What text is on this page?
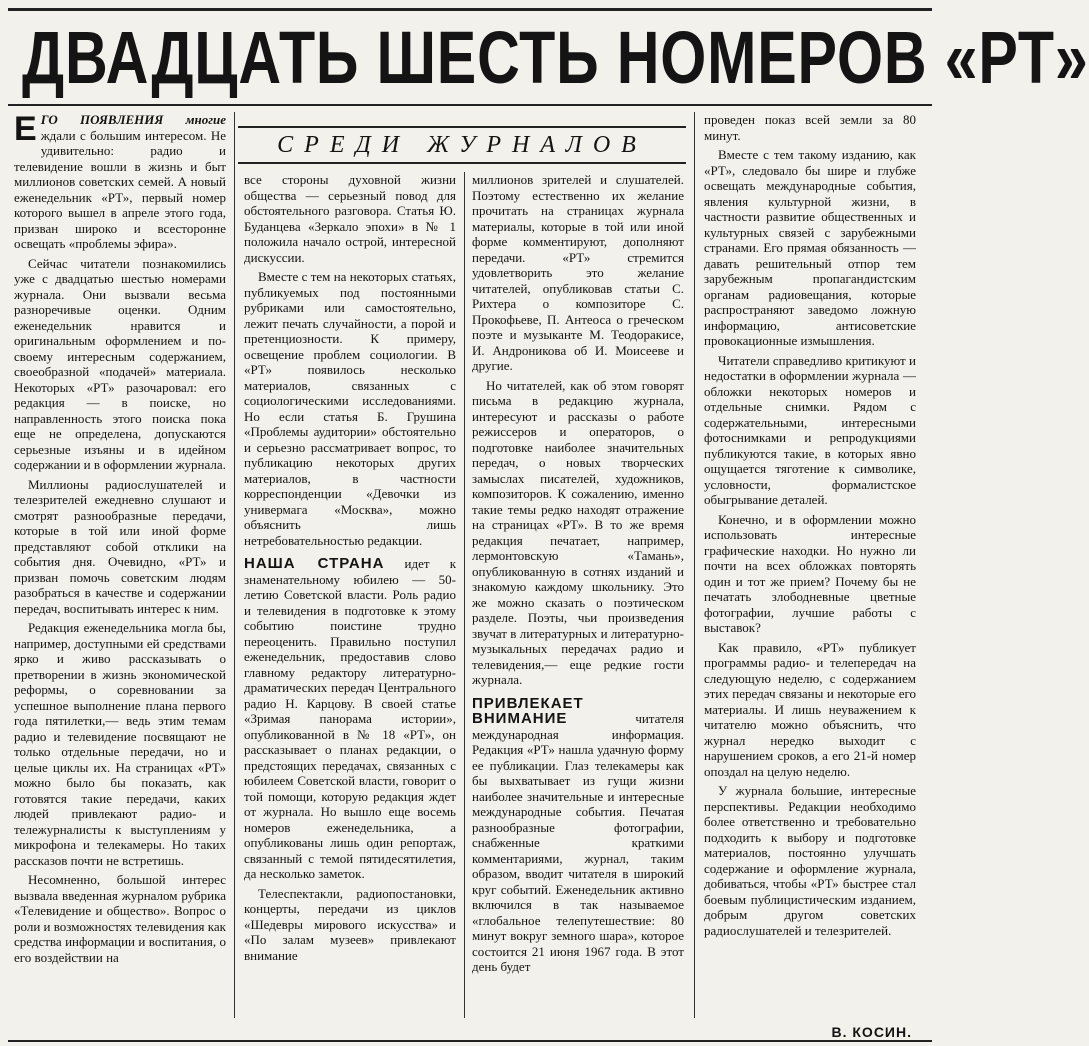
ДВАДЦАТЬ ШЕСТЬ НОМЕРОВ «РТ»
СРЕДИ ЖУРНАЛОВ

ЕГО ПОЯВЛЕНИЯ многие ждали с большим интересом. Не удивительно: радио и телевидение вошли в жизнь и быт миллионов советских семей. А новый еженедельник «РТ», первый номер которого вышел в апреле этого года, призван широко и всесторонне освещать «проблемы эфира».

Сейчас читатели познакомились уже с двадцатью шестью номерами журнала. Они вызвали весьма разноречивые оценки. Одним еженедельник нравится и оригинальным оформлением и по-своему интересным содержанием, своеобразной «подачей» материала. Некоторых «РТ» разочаровал: его редакция — в поиске, но направленность этого поиска пока еще не определена, допускаются серьезные изъяны и в идейном содержании и в оформлении журнала.

Миллионы радиослушателей и телезрителей ежедневно слушают и смотрят разнообразные передачи, которые в той или иной форме представляют собой отклики на события дня. Очевидно, «РТ» и призван помочь советским людям разобраться в качестве и содержании передач, воспитывать интерес к ним.

Редакция еженедельника могла бы, например, доступными ей средствами ярко и живо рассказывать о претворении в жизнь экономической реформы, о соревновании за успешное выполнение плана первого года пятилетки,— ведь этим темам радио и телевидение посвящают не только отдельные передачи, но и целые циклы их. На страницах «РТ» можно было бы показать, как готовятся такие передачи, каких людей привлекают радио- и тележурналисты к выступлениям у микрофона и телекамеры. Но таких рассказов почти не встретишь.

Несомненно, большой интерес вызвала введенная журналом рубрика «Телевидение и общество». Вопрос о роли и возможностях телевидения как средства информации и воспитания, о его воздействии на

все стороны духовной жизни общества — серьезный повод для обстоятельного разговора. Статья Ю. Буданцева «Зеркало эпохи» в № 1 положила начало острой, интересной дискуссии.

Вместе с тем на некоторых статьях, публикуемых под постоянными рубриками или самостоятельно, лежит печать случайности, а порой и претенциозности. К примеру, освещение проблем социологии. В «РТ» появилось несколько материалов, связанных с социологическими исследованиями. Но если статья Б. Грушина «Проблемы аудитории» обстоятельно и серьезно рассматривает вопрос, то публикацию некоторых других материалов, в частности корреспонденции «Девочки из универмага «Москва», можно объяснить лишь нетребовательностью редакции.

НАША СТРАНА идет к знаменательному юбилею — 50-летию Советской власти. Роль радио и телевидения в подготовке к этому событию поистине трудно переоценить. Правильно поступил еженедельник, предоставив слово главному редактору литературно-драматических передач Центрального радио Н. Карцову. В своей статье «Зримая панорама истории», опубликованной в № 18 «РТ», он рассказывает о планах редакции, о предстоящих передачах, связанных с юбилеем Советской власти, говорит о той помощи, которую редакция ждет от журнала. Но вышло еще восемь номеров еженедельника, а опубликованы лишь один репортаж, связанный с темой пятидесятилетия, да несколько заметок.

Телеспектакли, радиопостановки, концерты, передачи из циклов «Шедевры мирового искусства» и «По залам музеев» привлекают внимание

миллионов зрителей и слушателей. Поэтому естественно их желание прочитать на страницах журнала материалы, которые в той или иной форме комментируют, дополняют передачи. «РТ» стремится удовлетворить это желание читателей, опубликовав статьи С. Рихтера о композиторе С. Прокофьеве, П. Антеоса о греческом поэте и музыканте М. Теодоракисе, И. Андрониковa об И. Моисееве и другие.

Но читателей, как об этом говорят письма в редакцию журнала, интересуют и рассказы о работе режиссеров и операторов, о подготовке наиболее значительных передач, о новых творческих замыслах писателей, художников, композиторов. К сожалению, именно такие темы редко находят отражение на страницах «РТ». В то же время редакция печатает, например, лермонтовскую «Тамань», опубликованную в сотнях изданий и знакомую каждому школьнику. Это же можно сказать о поэтическом разделе. Поэты, чьи произведения звучат в литературных и литературно-музыкальных передачах радио и телевидения,— еще редкие гости журнала.

ПРИВЛЕКАЕТ ВНИМАНИЕ	читателя международная информация. Редакция «РТ» нашла удачную форму ее публикации. Глаз телекамеры как бы выхватывает из гущи жизни наиболее значительные и интересные международные события. Печатая разнообразные фотографии, снабженные краткими комментариями, журнал, таким образом, вводит читателя в широкий круг событий. Еженедельник активно включился в так называемое «глобальное телепутешествие: 80 минут вокруг земного шара», которое состоится 21 июня 1967 года. В этот день будет

проведен показ всей земли за 80 минут.

Вместе с тем такому изданию, как «РТ», следовало бы шире и глубже освещать международные события, явления культурной жизни, в частности развитие общественных и культурных связей с зарубежными странами. Его прямая обязанность — давать решительный отпор тем зарубежным пропагандистским органам радиовещания, которые распространяют заведомо ложную информацию, антисоветские провокационные измышления.

Читатели справедливо критикуют и недостатки в оформлении журнала — обложки некоторых номеров и отдельные снимки. Рядом с содержательными, интересными фотоснимками и репродукциями публикуются такие, в которых явно ощущается тяготение к символике, условности, формалистское обыгрывание деталей.

Конечно, и в оформлении можно использовать интересные графические находки. Но нужно ли почти на всех обложках повторять один и тот же прием? Почему бы не печатать злободневные цветные фотографии, лучшие работы с выставок?

Как правило, «РТ» публикует программы радио- и телепередач на следующую неделю, с содержанием этих передач связаны и некоторые его материалы. И лишь неуважением к читателю можно объяснить, что журнал нередко выходит с нарушением сроков, а его 21-й номер опоздал на целую неделю.

У журнала большие, интересные перспективы. Редакции необходимо более ответственно и требовательно подходить к выбору и подготовке материалов, постоянно улучшать содержание и оформление журнала, добиваться, чтобы «РТ» быстрее стал боевым публицистическим изданием, добрым другом советских радиослушателей и телезрителей.

В. КОСИН.
